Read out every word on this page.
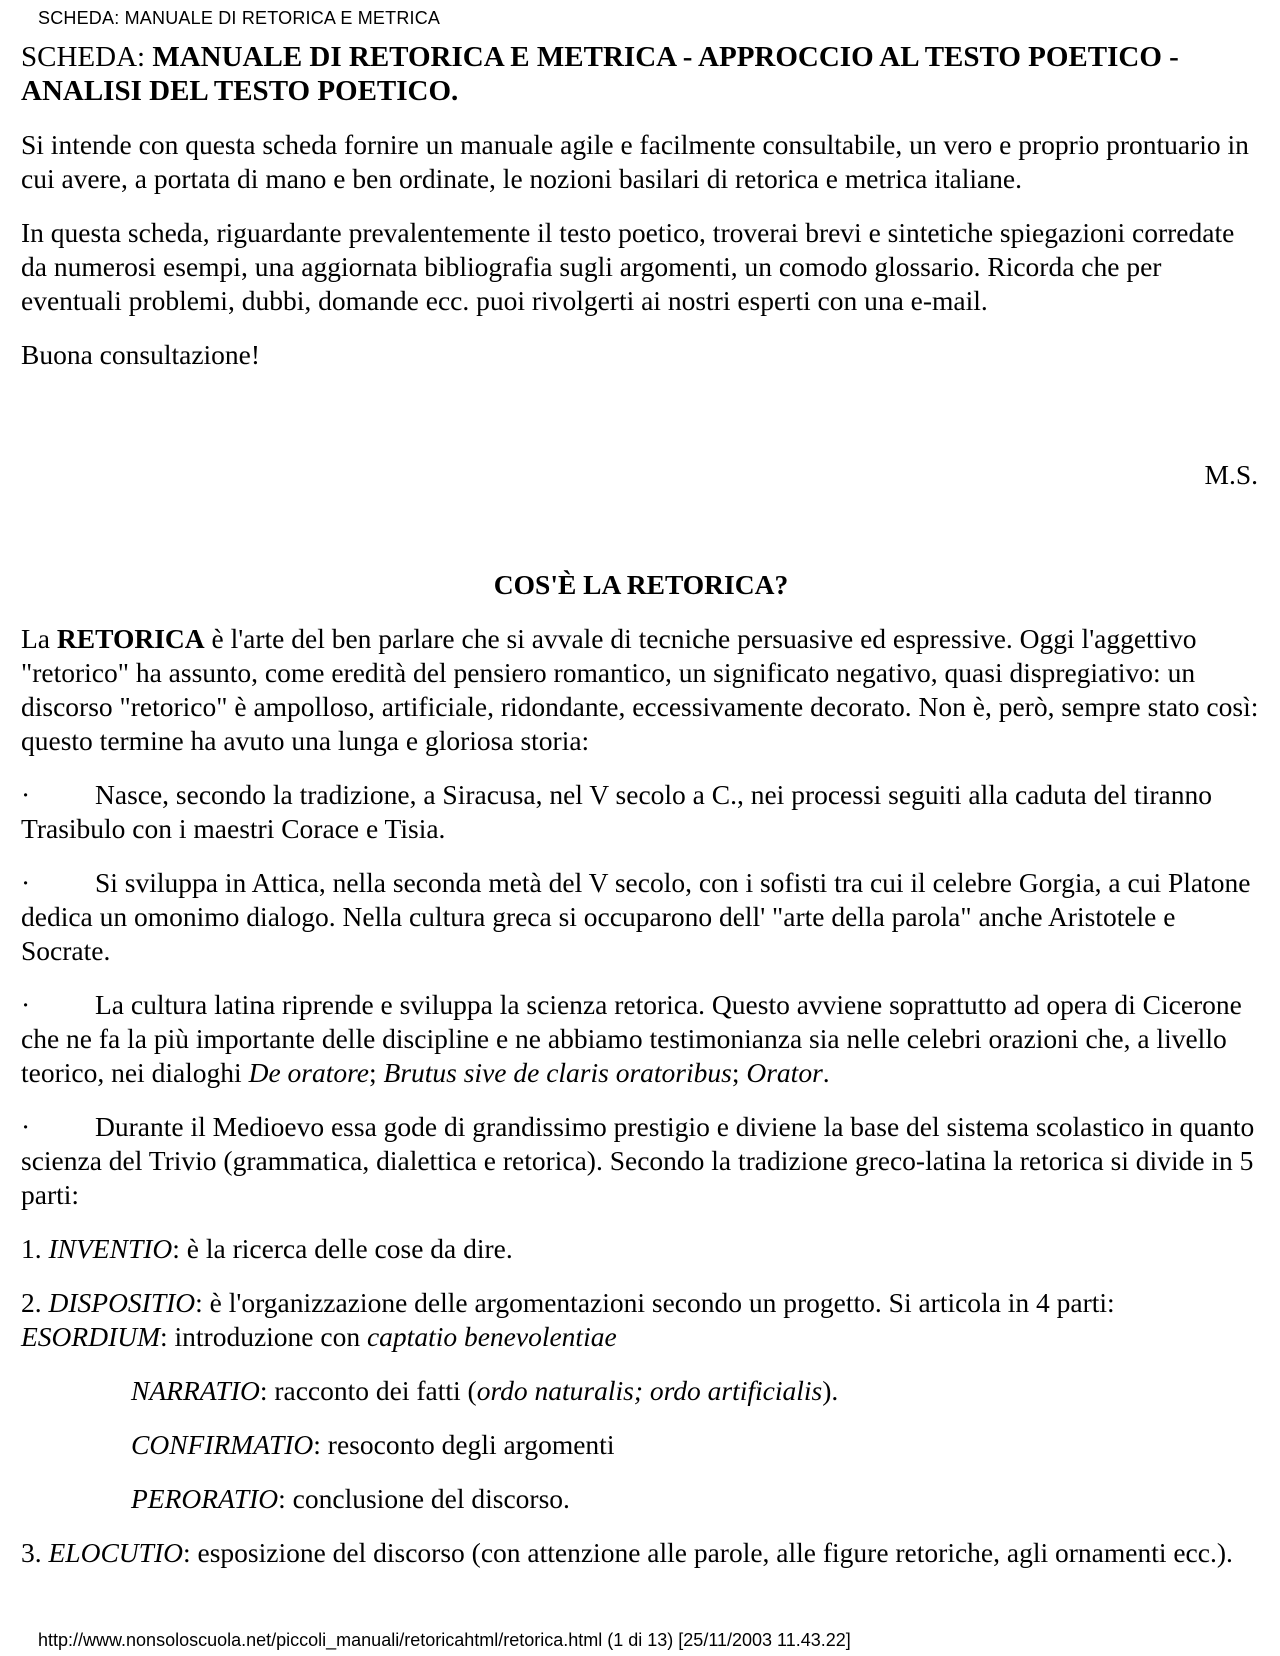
SCHEDA: MANUALE DI RETORICA E METRICA

SCHEDA: MANUALE DI RETORICA E METRICA - APPROCCIO AL TESTO POETICO - ANALISI DEL TESTO POETICO.

Si intende con questa scheda fornire un manuale agile e facilmente consultabile, un vero e proprio prontuario in cui avere, a portata di mano e ben ordinate, le nozioni basilari di retorica e metrica italiane.

In questa scheda, riguardante prevalentemente il testo poetico, troverai brevi e sintetiche spiegazioni corredate da numerosi esempi, una aggiornata bibliografia sugli argomenti, un comodo glossario. Ricorda che per eventuali problemi, dubbi, domande ecc. puoi rivolgerti ai nostri esperti con una e-mail.

Buona consultazione!

M.S.

COS'È LA RETORICA?

La RETORICA è l'arte del ben parlare che si avvale di tecniche persuasive ed espressive. Oggi l'aggettivo "retorico" ha assunto, come eredità del pensiero romantico, un significato negativo, quasi dispregiativo: un discorso "retorico" è ampolloso, artificiale, ridondante, eccessivamente decorato. Non è, però, sempre stato così: questo termine ha avuto una lunga e gloriosa storia:

· Nasce, secondo la tradizione, a Siracusa, nel V secolo a C., nei processi seguiti alla caduta del tiranno Trasibulo con i maestri Corace e Tisia.

· Si sviluppa in Attica, nella seconda metà del V secolo, con i sofisti tra cui il celebre Gorgia, a cui Platone dedica un omonimo dialogo. Nella cultura greca si occuparono dell' "arte della parola" anche Aristotele e Socrate.

· La cultura latina riprende e sviluppa la scienza retorica. Questo avviene soprattutto ad opera di Cicerone che ne fa la più importante delle discipline e ne abbiamo testimonianza sia nelle celebri orazioni che, a livello teorico, nei dialoghi De oratore; Brutus sive de claris oratoribus; Orator.

· Durante il Medioevo essa gode di grandissimo prestigio e diviene la base del sistema scolastico in quanto scienza del Trivio (grammatica, dialettica e retorica). Secondo la tradizione greco-latina la retorica si divide in 5 parti:

1. INVENTIO: è la ricerca delle cose da dire.

2. DISPOSITIO: è l'organizzazione delle argomentazioni secondo un progetto. Si articola in 4 parti:ESORDIUM: introduzione con captatio benevolentiae

NARRATIO: racconto dei fatti (ordo naturalis; ordo artificialis).

CONFIRMATIO: resoconto degli argomenti

PERORATIO: conclusione del discorso.

3. ELOCUTIO: esposizione del discorso (con attenzione alle parole, alle figure retoriche, agli ornamenti ecc.).

http://www.nonsoloscuola.net/piccoli_manuali/retoricahtml/retorica.html (1 di 13) [25/11/2003 11.43.22]
